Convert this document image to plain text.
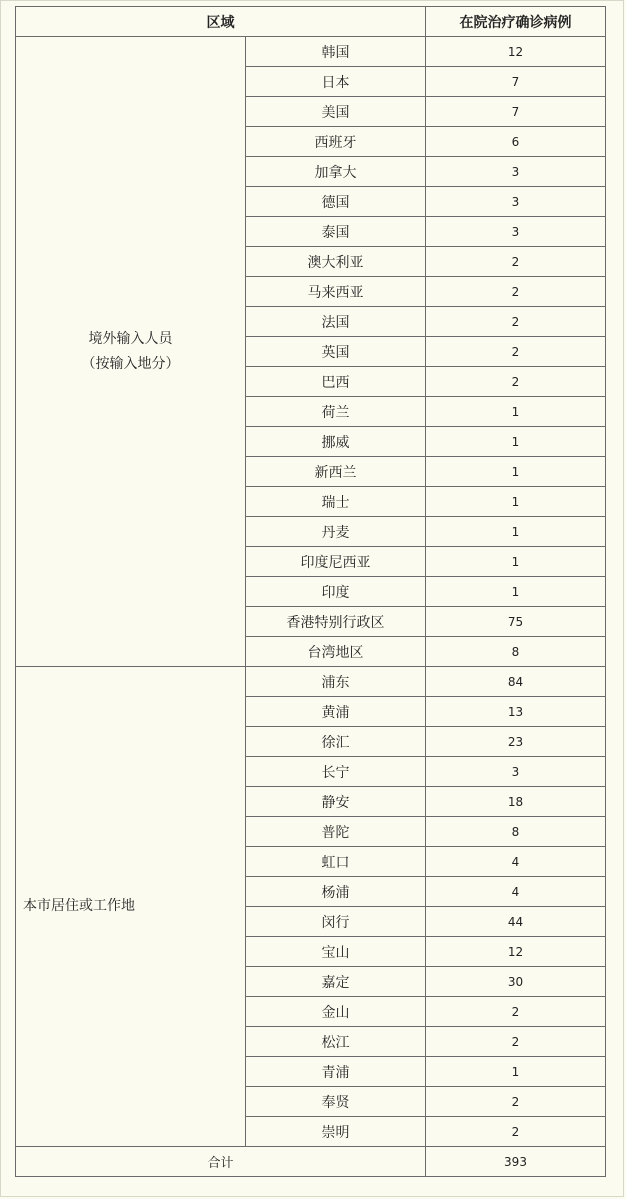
区域		在院治疗确诊病例

境外输入人员
（按输入地分）	韩国	12
	日本	7
	美国	7
	西班牙	6
	加拿大	3
	德国	3
	泰国	3
	澳大利亚	2
	马来西亚	2
	法国	2
	英国	2
	巴西	2
	荷兰	1
	挪威	1
	新西兰	1
	瑞士	1
	丹麦	1
	印度尼西亚	1
	印度	1
	香港特别行政区	75
	台湾地区	8

本市居住或工作地	浦东	84
	黄浦	13
	徐汇	23
	长宁	3
	静安	18
	普陀	8
	虹口	4
	杨浦	4
	闵行	44
	宝山	12
	嘉定	30
	金山	2
	松江	2
	青浦	1
	奉贤	2
	崇明	2
合计		393
